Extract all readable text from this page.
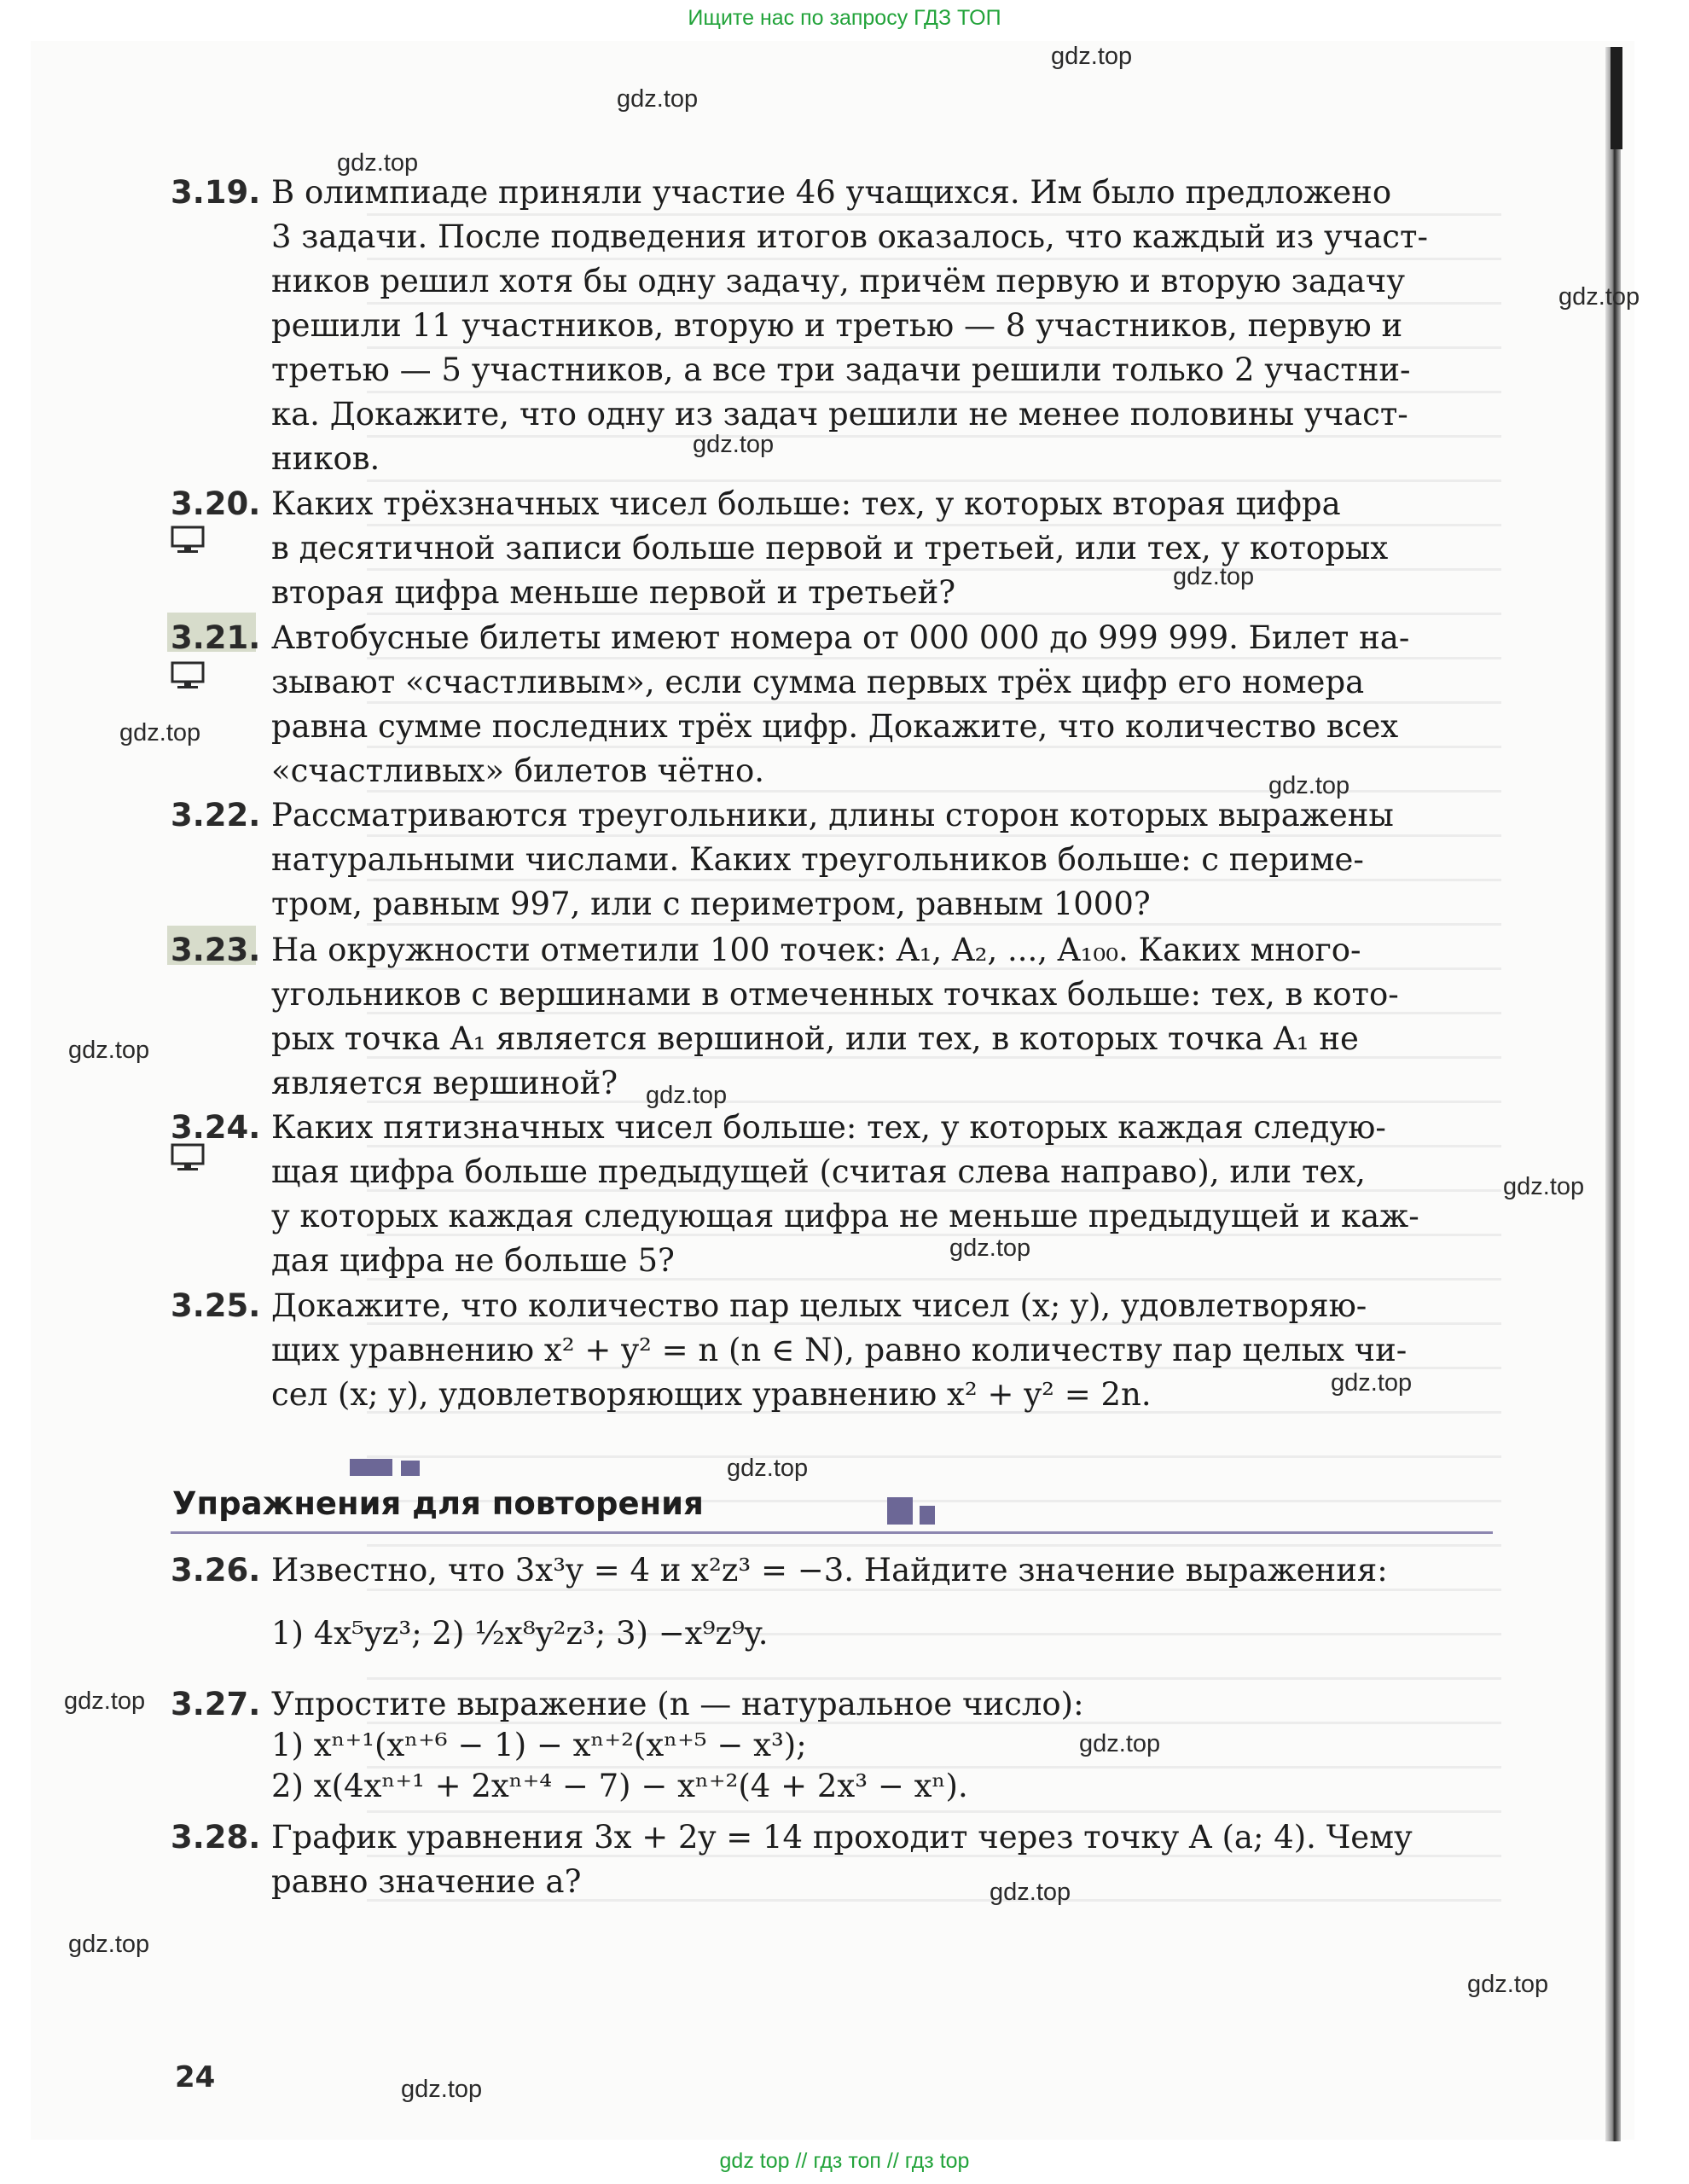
Ищите нас по запросу ГДЗ ТОП
3.19. В олимпиаде приняли участие 46 учащихся. Им было предложено
3 задачи. После подведения итогов оказалось, что каждый из участ-
ников решил хотя бы одну задачу, причём первую и вторую задачу
решили 11 участников, вторую и третью — 8 участников, первую и
третью — 5 участников, а все три задачи решили только 2 участни-
ка. Докажите, что одну из задач решили не менее половины участ-
ников.
3.20. Каких трёхзначных чисел больше: тех, у которых вторая цифра
в десятичной записи больше первой и третьей, или тех, у которых
вторая цифра меньше первой и третьей?
3.21. Автобусные билеты имеют номера от 000 000 до 999 999. Билет на-
зывают «счастливым», если сумма первых трёх цифр его номера
равна сумме последних трёх цифр. Докажите, что количество всех
«счастливых» билетов чётно.
3.22. Рассматриваются треугольники, длины сторон которых выражены
натуральными числами. Каких треугольников больше: с периме-
тром, равным 997, или с периметром, равным 1000?
3.23. На окружности отметили 100 точек: A₁, A₂, ..., A₁₀₀. Каких много-
угольников с вершинами в отмеченных точках больше: тех, в кото-
рых точка A₁ является вершиной, или тех, в которых точка A₁ не
является вершиной?
3.24. Каких пятизначных чисел больше: тех, у которых каждая следую-
щая цифра больше предыдущей (считая слева направо), или тех,
у которых каждая следующая цифра не меньше предыдущей и каж-
дая цифра не больше 5?
3.25. Докажите, что количество пар целых чисел (x; y), удовлетворяю-
щих уравнению x² + y² = n (n ∈ N), равно количеству пар целых чи-
сел (x; y), удовлетворяющих уравнению x² + y² = 2n.
Упражнения для повторения
3.26. Известно, что 3x³y = 4 и x²z³ = −3. Найдите значение выражения:
1) 4x⁵yz³; 2) ½x⁸y²z³; 3) −x⁹z⁹y.
3.27. Упростите выражение (n — натуральное число):
1) xⁿ⁺¹(xⁿ⁺⁶ − 1) − xⁿ⁺²(xⁿ⁺⁵ − x³);
2) x(4xⁿ⁺¹ + 2xⁿ⁺⁴ − 7) − xⁿ⁺²(4 + 2x³ − xⁿ).
3.28. График уравнения 3x + 2y = 14 проходит через точку A (a; 4). Чему
равно значение a?
24
gdz.top
gdz.top
gdz.top
gdz.top
gdz.top
gdz.top
gdz.top
gdz.top
gdz.top
gdz.top
gdz.top
gdz.top
gdz.top
gdz.top
gdz.top
gdz.top
gdz.top
gdz.top
gdz.top
gdz.top
gdz top // гдз топ // гдз top
